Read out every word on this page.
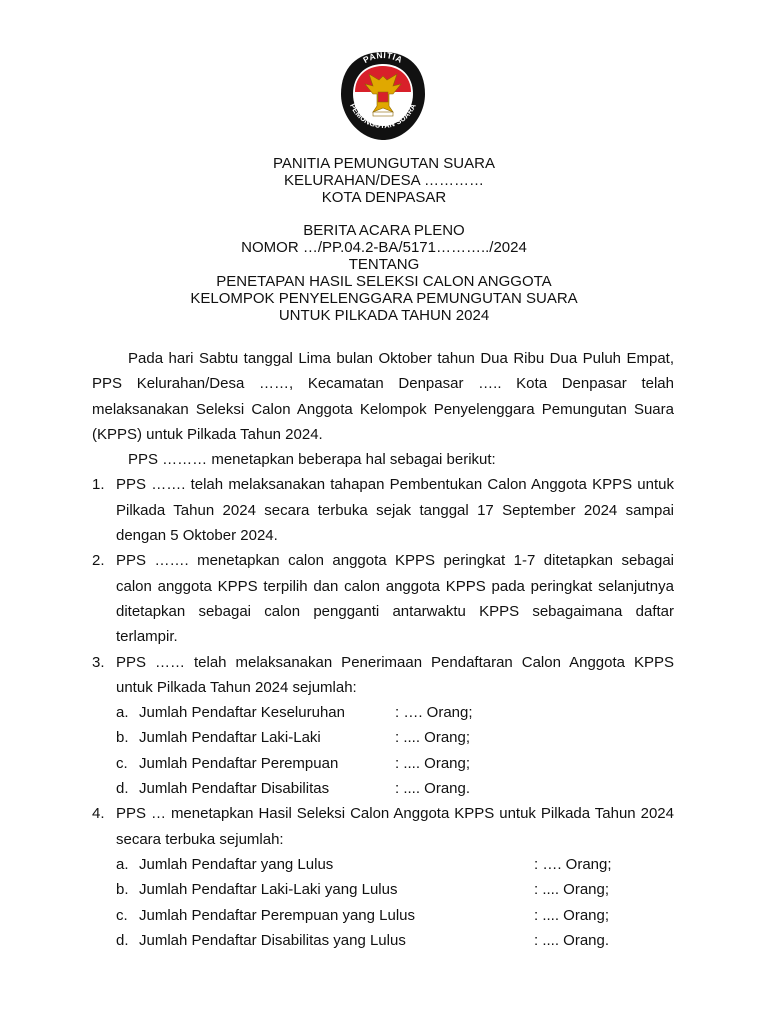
PANITIA
PEMUNGUTAN SUARA
PANITIA PEMUNGUTAN SUARA
KELURAHAN/DESA …………
KOTA DENPASAR
BERITA ACARA PLENO
NOMOR …/PP.04.2-BA/5171………../2024
TENTANG
PENETAPAN HASIL SELEKSI CALON ANGGOTA
KELOMPOK PENYELENGGARA PEMUNGUTAN SUARA
UNTUK PILKADA TAHUN 2024

Pada hari Sabtu tanggal Lima bulan Oktober tahun Dua Ribu Dua Puluh Empat, PPS Kelurahan/Desa ……, Kecamatan Denpasar ….. Kota Denpasar telah melaksanakan Seleksi Calon Anggota Kelompok Penyelenggara Pemungutan Suara (KPPS) untuk Pilkada Tahun 2024.

PPS ……… menetapkan beberapa hal sebagai berikut:

1. PPS ……. telah melaksanakan tahapan Pembentukan Calon Anggota KPPS untuk Pilkada Tahun 2024 secara terbuka sejak tanggal 17 September 2024 sampai dengan 5 Oktober 2024.
2. PPS ……. menetapkan calon anggota KPPS peringkat 1-7 ditetapkan sebagai calon anggota KPPS terpilih dan calon anggota KPPS pada peringkat selanjutnya ditetapkan sebagai calon pengganti antarwaktu KPPS sebagaimana daftar terlampir.
3. PPS …… telah melaksanakan Penerimaan Pendaftaran Calon Anggota KPPS untuk Pilkada Tahun 2024 sejumlah:
a. Jumlah Pendaftar Keseluruhan	: …. Orang;
b. Jumlah Pendaftar Laki-Laki	: .... Orang;
c. Jumlah Pendaftar Perempuan	: .... Orang;
d. Jumlah Pendaftar Disabilitas	: .... Orang.
4. PPS … menetapkan Hasil Seleksi Calon Anggota KPPS untuk Pilkada Tahun 2024 secara terbuka sejumlah:
a. Jumlah Pendaftar yang Lulus	: …. Orang;
b. Jumlah Pendaftar Laki-Laki yang Lulus	: .... Orang;
c. Jumlah Pendaftar Perempuan yang Lulus	: .... Orang;
d. Jumlah Pendaftar Disabilitas yang Lulus	: .... Orang.
